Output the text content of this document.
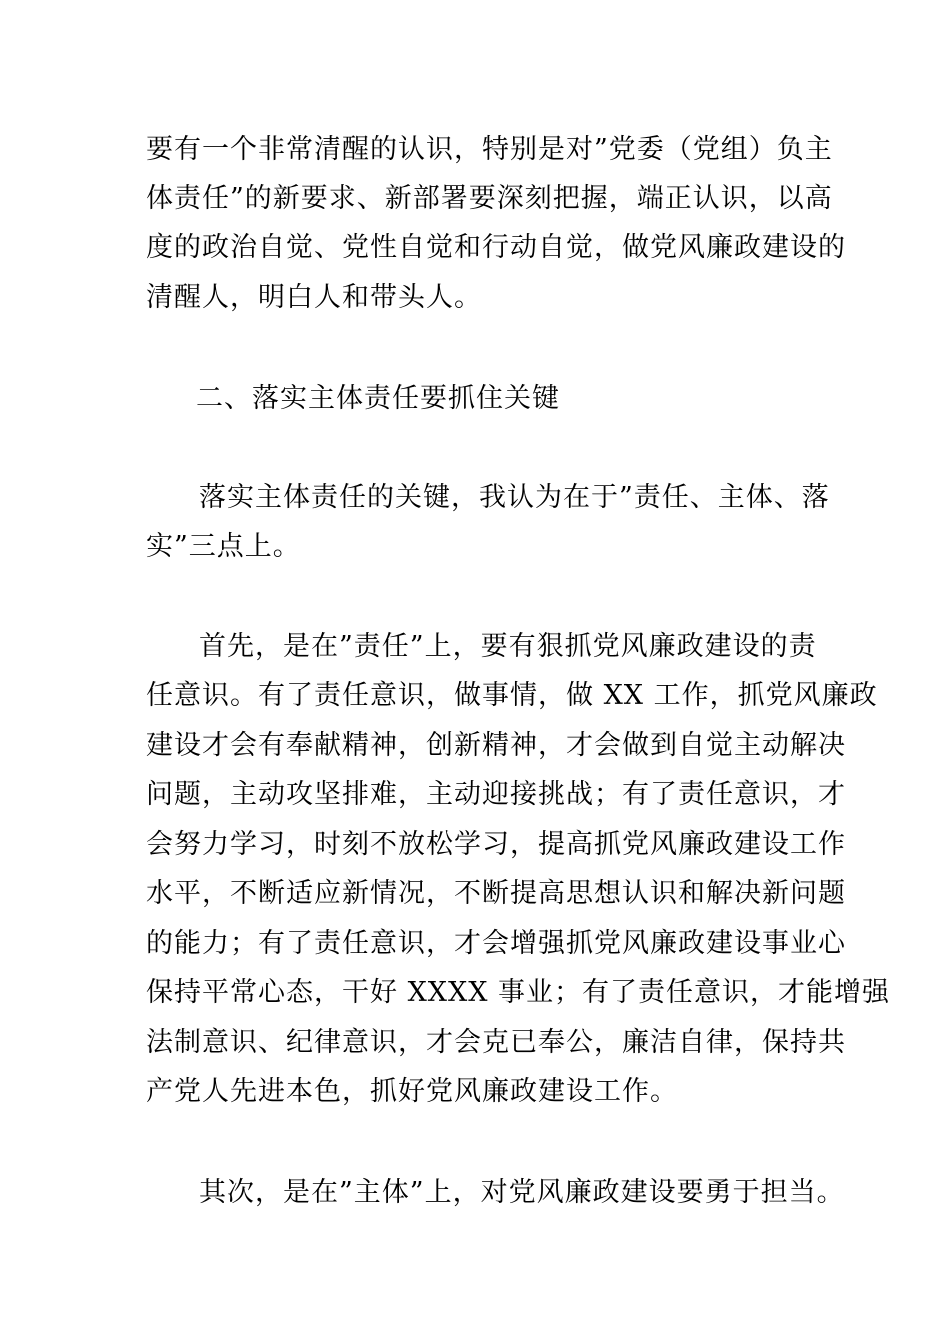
要有一个非常清醒的认识，特别是对”党委（党组）负主
体责任”的新要求、新部署要深刻把握，端正认识，以高
度的政治自觉、党性自觉和行动自觉，做党风廉政建设的
清醒人，明白人和带头人。
二、落实主体责任要抓住关键
落实主体责任的关键，我认为在于”责任、主体、落
实”三点上。
首先，是在”责任”上，要有狠抓党风廉政建设的责
任意识。有了责任意识，做事情，做 XX 工作，抓党风廉政
建设才会有奉献精神，创新精神，才会做到自觉主动解决
问题，主动攻坚排难，主动迎接挑战；有了责任意识，才
会努力学习，时刻不放松学习，提高抓党风廉政建设工作
水平，不断适应新情况，不断提高思想认识和解决新问题
的能力；有了责任意识，才会增强抓党风廉政建设事业心
保持平常心态，干好 XXXX 事业；有了责任意识，才能增强
法制意识、纪律意识，才会克已奉公，廉洁自律，保持共
产党人先进本色，抓好党风廉政建设工作。
其次，是在”主体”上，对党风廉政建设要勇于担当。
